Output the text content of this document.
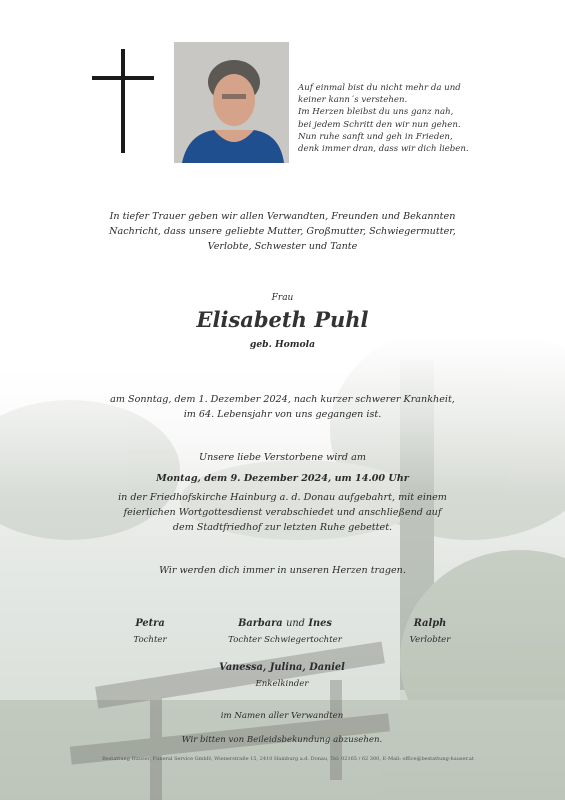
Auf einmal bist du nicht mehr da und
keiner kann´s verstehen.
Im Herzen bleibst du uns ganz nah,
bei jedem Schritt den wir nun gehen.
Nun ruhe sanft und geh in Frieden,
denk immer dran, dass wir dich lieben.
In tiefer Trauer geben wir allen Verwandten, Freunden und Bekannten
Nachricht, dass unsere geliebte Mutter, Großmutter, Schwiegermutter,
Verlobte, Schwester und Tante
Frau
Elisabeth Puhl
geb. Homola
am Sonntag, dem 1. Dezember 2024, nach kurzer schwerer Krankheit,
im 64. Lebensjahr von uns gegangen ist.
Unsere liebe Verstorbene wird am
Montag, dem 9. Dezember 2024, um 14.00 Uhr
in der Friedhofskirche Hainburg a. d. Donau aufgebahrt, mit einem
feierlichen Wortgottesdienst verabschiedet und anschließend auf
dem Stadtfriedhof zur letzten Ruhe gebettet.
Wir werden dich immer in unseren Herzen tragen.
Petra
Tochter
Barbara und Ines
Tochter Schwiegertochter
Ralph
Verlobter
Vanessa, Julina, Daniel
Enkelkinder
im Namen aller Verwandten
Wir bitten von Beileidsbekundung abzusehen.
Bestattung Hauser, Funeral Service GmbH, Wienerstraße 15, 2410 Hainburg a.d. Donau, Tel: 02165 / 62 300, E-Mail: office@bestattung-hauser.at
